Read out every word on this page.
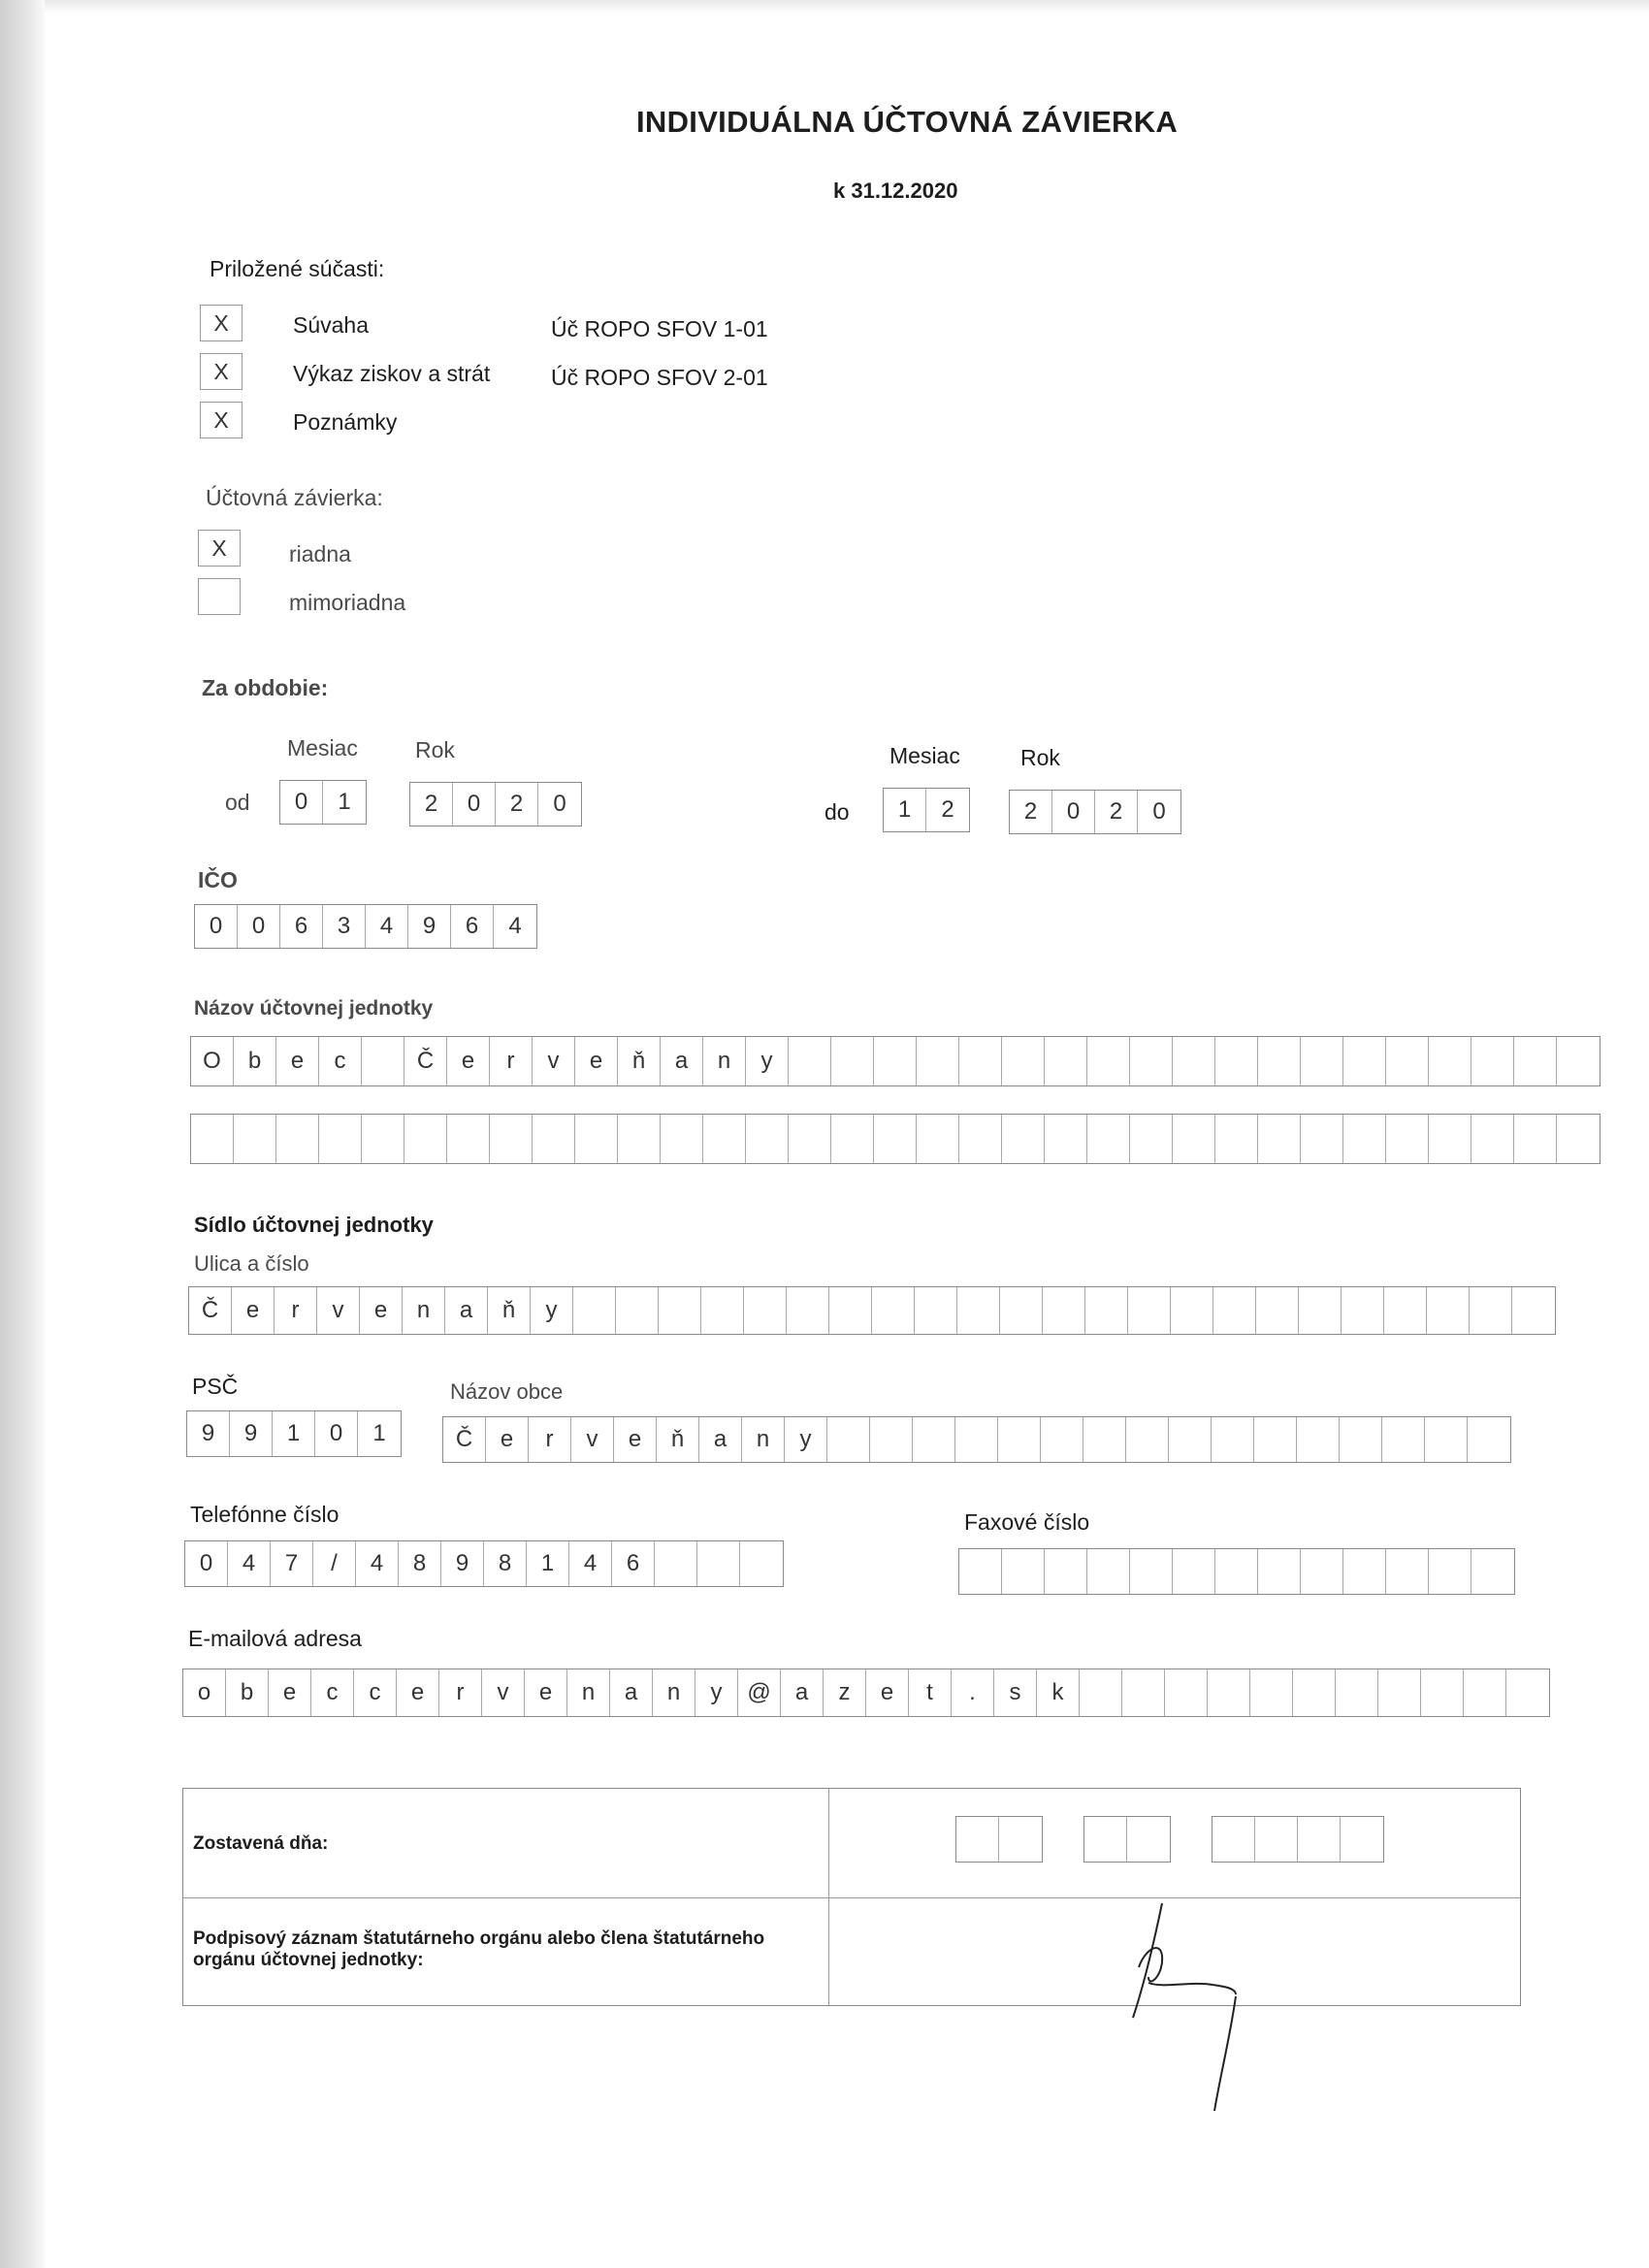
INDIVIDUÁLNA ÚČTOVNÁ ZÁVIERKA
k 31.12.2020
Priložené súčasti:
X	Súvaha	Úč ROPO SFOV 1-01
X	Výkaz ziskov a strát	Úč ROPO SFOV 2-01
X	Poznámky
Účtovná závierka:
X	riadna
mimoriadna
Za obdobie:
Mesiac	Rok	Mesiac	Rok
od	0	1	2	0	2	0	do	1	2	2	0	2	0
IČO
0	0	6	3	4	9	6	4
Názov účtovnej jednotky
O	b	e	c	Č	e	r	v	e	ň	a	n	y
Sídlo účtovnej jednotky
Ulica a číslo
Č	e	r	v	e	n	a	ň	y
PSČ	Názov obce
9	9	1	0	1	Č	e	r	v	e	ň	a	n	y
Telefónne číslo	Faxové číslo
0	4	7	/	4	8	9	8	1	4	6
E-mailová adresa
o	b	e	c	c	e	r	v	e	n	a	n	y	@	a	z	e	t	.	s	k
Zostavená dňa:
Podpisový záznam štatutárneho orgánu alebo člena štatutárneho orgánu účtovnej jednotky:
